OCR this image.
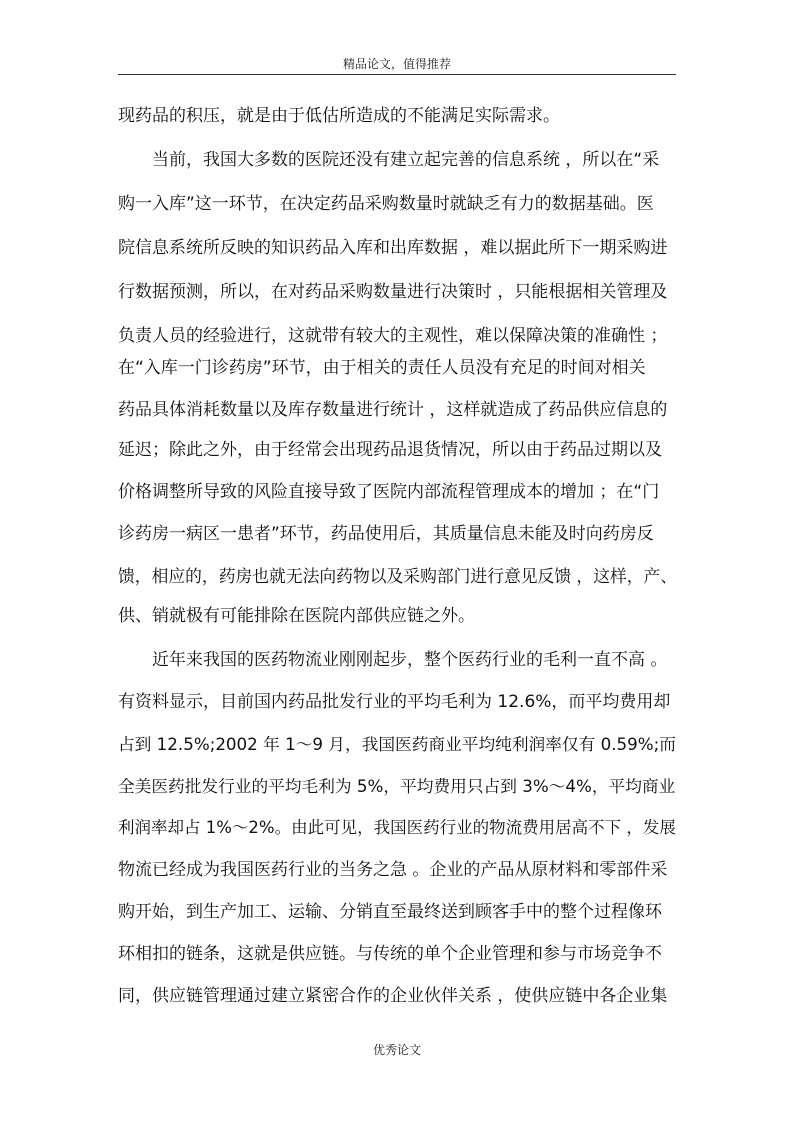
精品论文，值得推荐
现药品的积压，就是由于低估所造成的不能满足实际需求。
　　当前，我国大多数的医院还没有建立起完善的信息系统 ，所以在“采
购一入库”这一环节，在决定药品采购数量时就缺乏有力的数据基础。医
院信息系统所反映的知识药品入库和出库数据 ，难以据此所下一期采购进
行数据预测，所以，在对药品采购数量进行决策时 ，只能根据相关管理及
负责人员的经验进行，这就带有较大的主观性，难以保障决策的准确性 ；
在“入库一门诊药房”环节，由于相关的责任人员没有充足的时间对相关
药品具体消耗数量以及库存数量进行统计 ，这样就造成了药品供应信息的
延迟；除此之外，由于经常会出现药品退货情况，所以由于药品过期以及
价格调整所导致的风险直接导致了医院内部流程管理成本的增加 ；在“门
诊药房一病区一患者”环节，药品使用后，其质量信息未能及时向药房反
馈，相应的，药房也就无法向药物以及采购部门进行意见反馈 ，这样，产、
供、销就极有可能排除在医院内部供应链之外。
　　近年来我国的医药物流业刚刚起步，整个医药行业的毛利一直不高 。
有资料显示，目前国内药品批发行业的平均毛利为 12.6%，而平均费用却
占到 12.5%;2002 年 1～9 月，我国医药商业平均纯利润率仅有 0.59%;而
全美医药批发行业的平均毛利为 5%，平均费用只占到 3%～4%，平均商业
利润率却占 1%～2%。由此可见，我国医药行业的物流费用居高不下 ，发展
物流已经成为我国医药行业的当务之急 。企业的产品从原材料和零部件采
购开始，到生产加工、运输、分销直至最终送到顾客手中的整个过程像环
环相扣的链条，这就是供应链。与传统的单个企业管理和参与市场竞争不
同，供应链管理通过建立紧密合作的企业伙伴关系 ，使供应链中各企业集
优秀论文
